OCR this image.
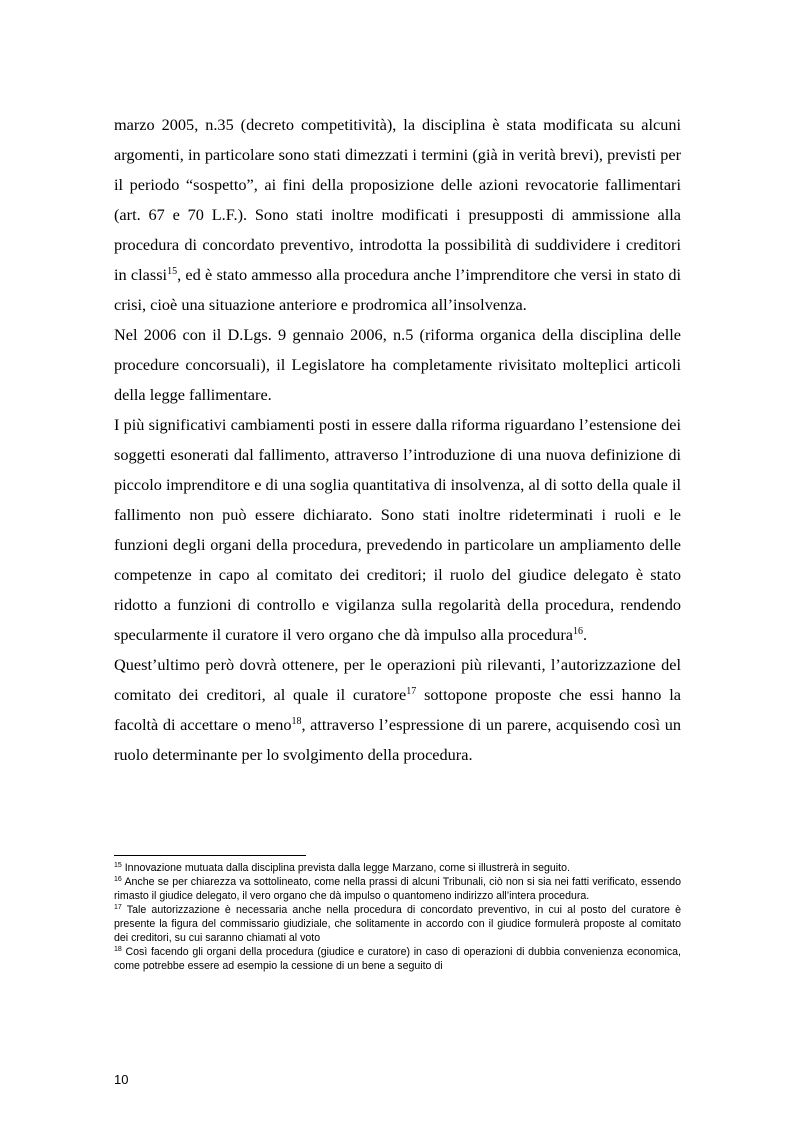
marzo 2005, n.35 (decreto competitività), la disciplina è stata modificata su alcuni argomenti, in particolare sono stati dimezzati i termini (già in verità brevi), previsti per il periodo “sospetto”, ai fini della proposizione delle azioni revocatorie fallimentari (art. 67 e 70 L.F.). Sono stati inoltre modificati i presupposti di ammissione alla procedura di concordato preventivo, introdotta la possibilità di suddividere i creditori in classi$^{15}$, ed è stato ammesso alla procedura anche l’imprenditore che versi in stato di crisi, cioè una situazione anteriore e prodromica all’insolvenza.

Nel 2006 con il D.Lgs. 9 gennaio 2006, n.5 (riforma organica della disciplina delle procedure concorsuali), il Legislatore ha completamente rivisitato molteplici articoli della legge fallimentare.

I più significativi cambiamenti posti in essere dalla riforma riguardano l’estensione dei soggetti esonerati dal fallimento, attraverso l’introduzione di una nuova definizione di piccolo imprenditore e di una soglia quantitativa di insolvenza, al di sotto della quale il fallimento non può essere dichiarato. Sono stati inoltre rideterminati i ruoli e le funzioni degli organi della procedura, prevedendo in particolare un ampliamento delle competenze in capo al comitato dei creditori; il ruolo del giudice delegato è stato ridotto a funzioni di controllo e vigilanza sulla regolarità della procedura, rendendo specularmente il curatore il vero organo che dà impulso alla procedura$^{16}$.

Quest’ultimo però dovrà ottenere, per le operazioni più rilevanti, l’autorizzazione del comitato dei creditori, al quale il curatore$^{17}$ sottopone proposte che essi hanno la facoltà di accettare o meno$^{18}$, attraverso l’espressione di un parere, acquisendo così un ruolo determinante per lo svolgimento della procedura.

$^{15}$ Innovazione mutuata dalla disciplina prevista dalla legge Marzano, come si illustrerà in seguito.

$^{16}$ Anche se per chiarezza va sottolineato, come nella prassi di alcuni Tribunali, ciò non si sia nei fatti verificato, essendo rimasto il giudice delegato, il vero organo che dà impulso o quantomeno indirizzo all’intera procedura.

$^{17}$ Tale autorizzazione è necessaria anche nella procedura di concordato preventivo, in cui al posto del curatore è presente la figura del commissario giudiziale, che solitamente in accordo con il giudice formulerà proposte al comitato dei creditori, su cui saranno chiamati al voto

$^{18}$ Così facendo gli organi della procedura (giudice e curatore) in caso di operazioni di dubbia convenienza economica, come potrebbe essere ad esempio la cessione di un bene a seguito di

10
